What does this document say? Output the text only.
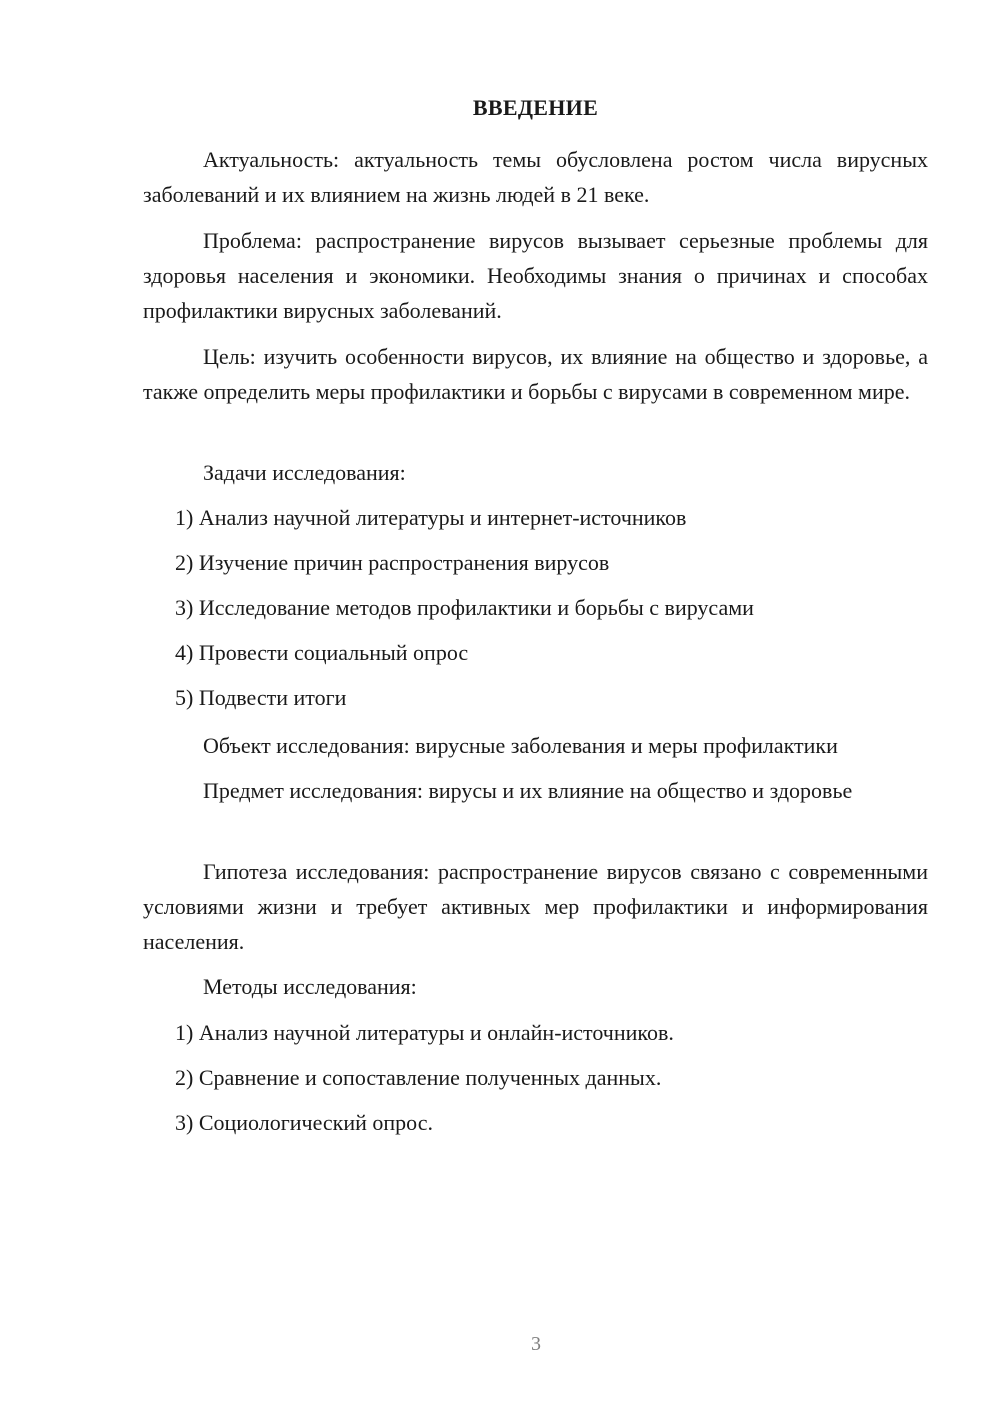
ВВЕДЕНИЕ

Актуальность: актуальность темы обусловлена ростом числа вирусных заболеваний и их влиянием на жизнь людей в 21 веке.

Проблема: распространение вирусов вызывает серьезные проблемы для здоровья населения и экономики. Необходимы знания о причинах и способах профилактики вирусных заболеваний.

Цель: изучить особенности вирусов, их влияние на общество и здоровье, а также определить меры профилактики и борьбы с вирусами в современном мире.

Задачи исследования:

1) Анализ научной литературы и интернет-источников

2) Изучение причин распространения вирусов

3) Исследование методов профилактики и борьбы с вирусами

4) Провести социальный опрос

5) Подвести итоги

Объект исследования: вирусные заболевания и меры профилактики

Предмет исследования: вирусы и их влияние на общество и здоровье

Гипотеза исследования: распространение вирусов связано с современными условиями жизни и требует активных мер профилактики и информирования населения.

Методы исследования:

1) Анализ научной литературы и онлайн-источников.

2) Сравнение и сопоставление полученных данных.

3) Социологический опрос.

3
